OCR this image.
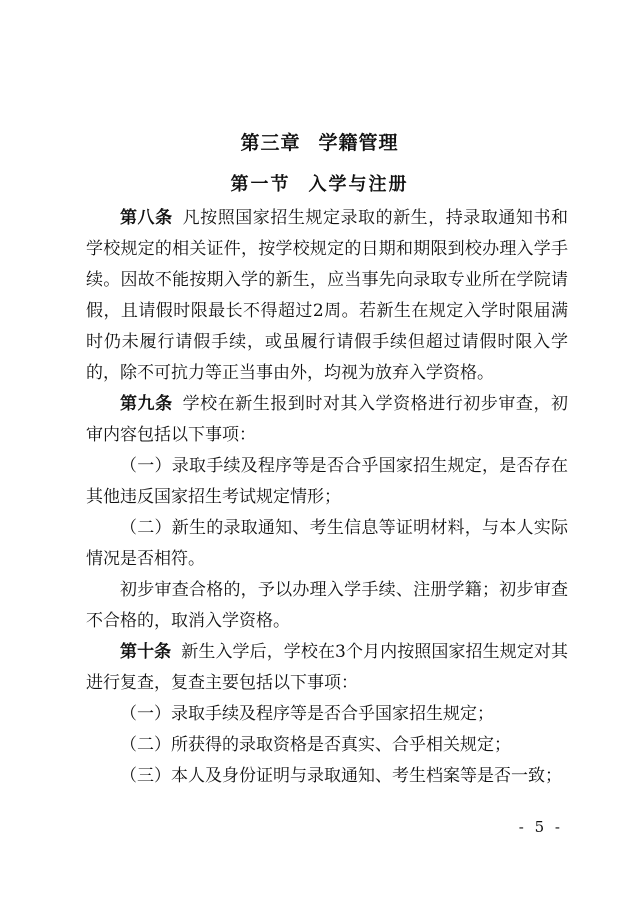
第三章 学籍管理
第一节 入学与注册

第八条 凡按照国家招生规定录取的新生，持录取通知书和学校规定的相关证件，按学校规定的日期和期限到校办理入学手续。因故不能按期入学的新生，应当事先向录取专业所在学院请假，且请假时限最长不得超过2周。若新生在规定入学时限届满时仍未履行请假手续，或虽履行请假手续但超过请假时限入学的，除不可抗力等正当事由外，均视为放弃入学资格。

第九条 学校在新生报到时对其入学资格进行初步审查，初审内容包括以下事项：

（一）录取手续及程序等是否合乎国家招生规定，是否存在其他违反国家招生考试规定情形；

（二）新生的录取通知、考生信息等证明材料，与本人实际情况是否相符。

初步审查合格的，予以办理入学手续、注册学籍；初步审查不合格的，取消入学资格。

第十条 新生入学后，学校在3个月内按照国家招生规定对其进行复查，复查主要包括以下事项：

（一）录取手续及程序等是否合乎国家招生规定；

（二）所获得的录取资格是否真实、合乎相关规定；

（三）本人及身份证明与录取通知、考生档案等是否一致；

- 5 -
